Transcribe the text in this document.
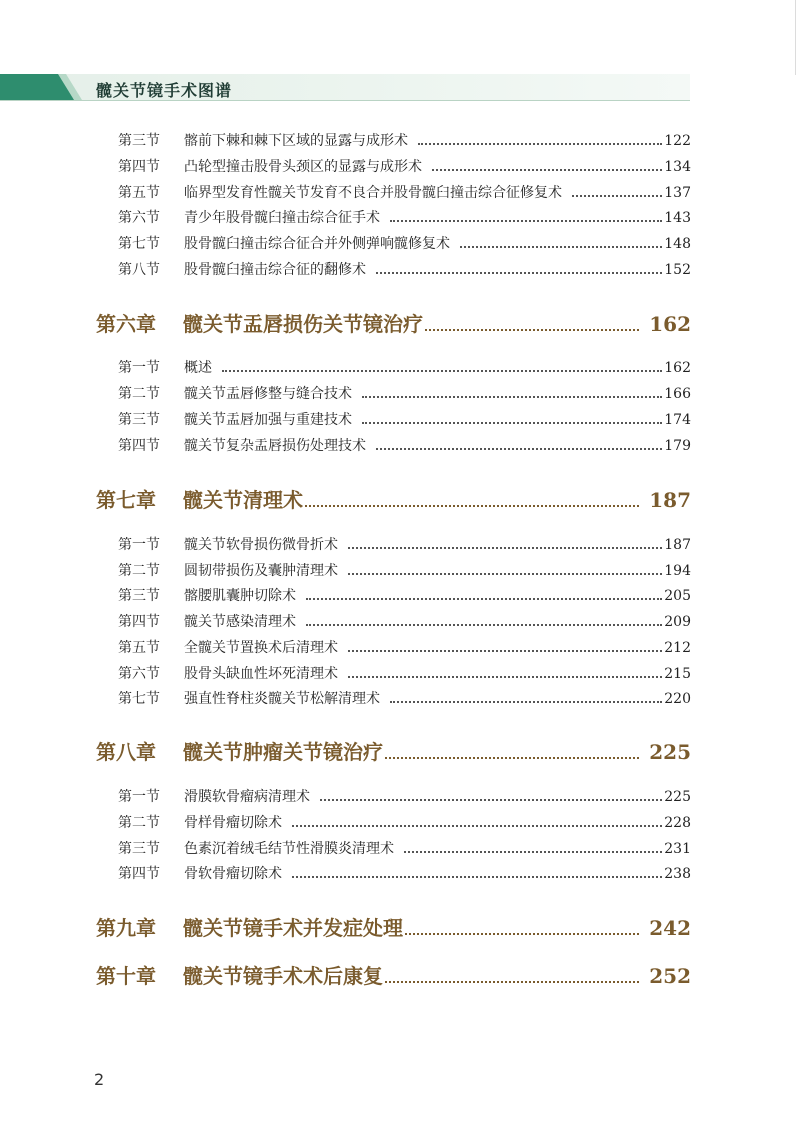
髋关节镜手术图谱
第三节	髂前下棘和棘下区域的显露与成形术	122
第四节	凸轮型撞击股骨头颈区的显露与成形术	134
第五节	临界型发育性髋关节发育不良合并股骨髋臼撞击综合征修复术	137
第六节	青少年股骨髋臼撞击综合征手术	143
第七节	股骨髋臼撞击综合征合并外侧弹响髋修复术	148
第八节	股骨髋臼撞击综合征的翻修术	152
第六章	髋关节盂唇损伤关节镜治疗	162
第一节	概述	162
第二节	髋关节盂唇修整与缝合技术	166
第三节	髋关节盂唇加强与重建技术	174
第四节	髋关节复杂盂唇损伤处理技术	179
第七章	髋关节清理术	187
第一节	髋关节软骨损伤微骨折术	187
第二节	圆韧带损伤及囊肿清理术	194
第三节	髂腰肌囊肿切除术	205
第四节	髋关节感染清理术	209
第五节	全髋关节置换术后清理术	212
第六节	股骨头缺血性坏死清理术	215
第七节	强直性脊柱炎髋关节松解清理术	220
第八章	髋关节肿瘤关节镜治疗	225
第一节	滑膜软骨瘤病清理术	225
第二节	骨样骨瘤切除术	228
第三节	色素沉着绒毛结节性滑膜炎清理术	231
第四节	骨软骨瘤切除术	238
第九章	髋关节镜手术并发症处理	242
第十章	髋关节镜手术术后康复	252
2
